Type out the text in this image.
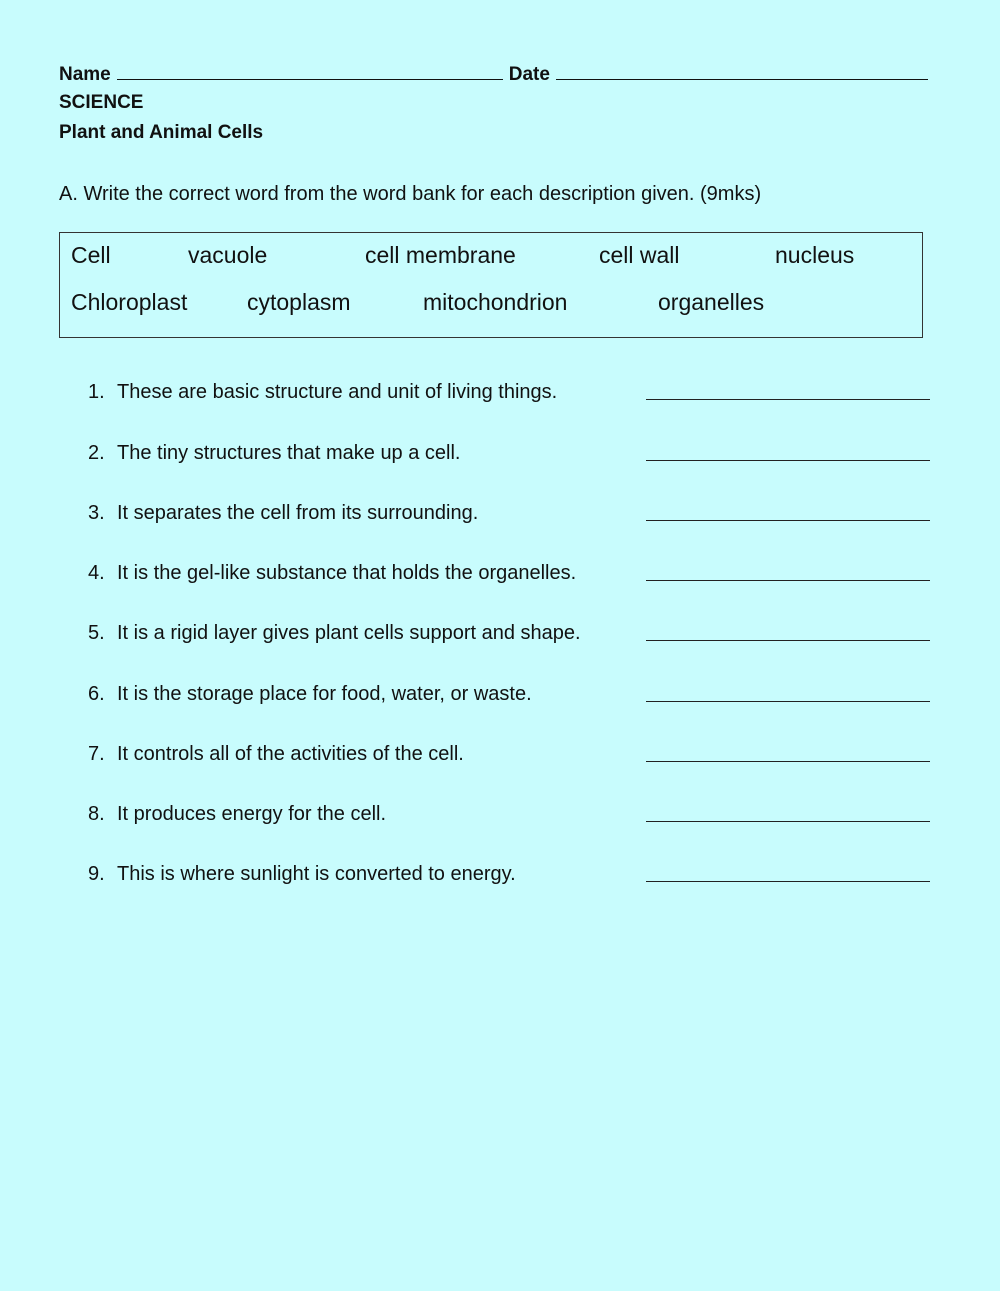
Name	Date
SCIENCE
Plant and Animal Cells
A. Write the correct word from the word bank for each description given. (9mks)
Cell	vacuole	cell membrane	cell wall	nucleus
Chloroplast	cytoplasm	mitochondrion	organelles
1. These are basic structure and unit of living things.
2. The tiny structures that make up a cell.
3. It separates the cell from its surrounding.
4. It is the gel-like substance that holds the organelles.
5. It is a rigid layer gives plant cells support and shape.
6. It is the storage place for food, water, or waste.
7. It controls all of the activities of the cell.
8. It produces energy for the cell.
9. This is where sunlight is converted to energy.
